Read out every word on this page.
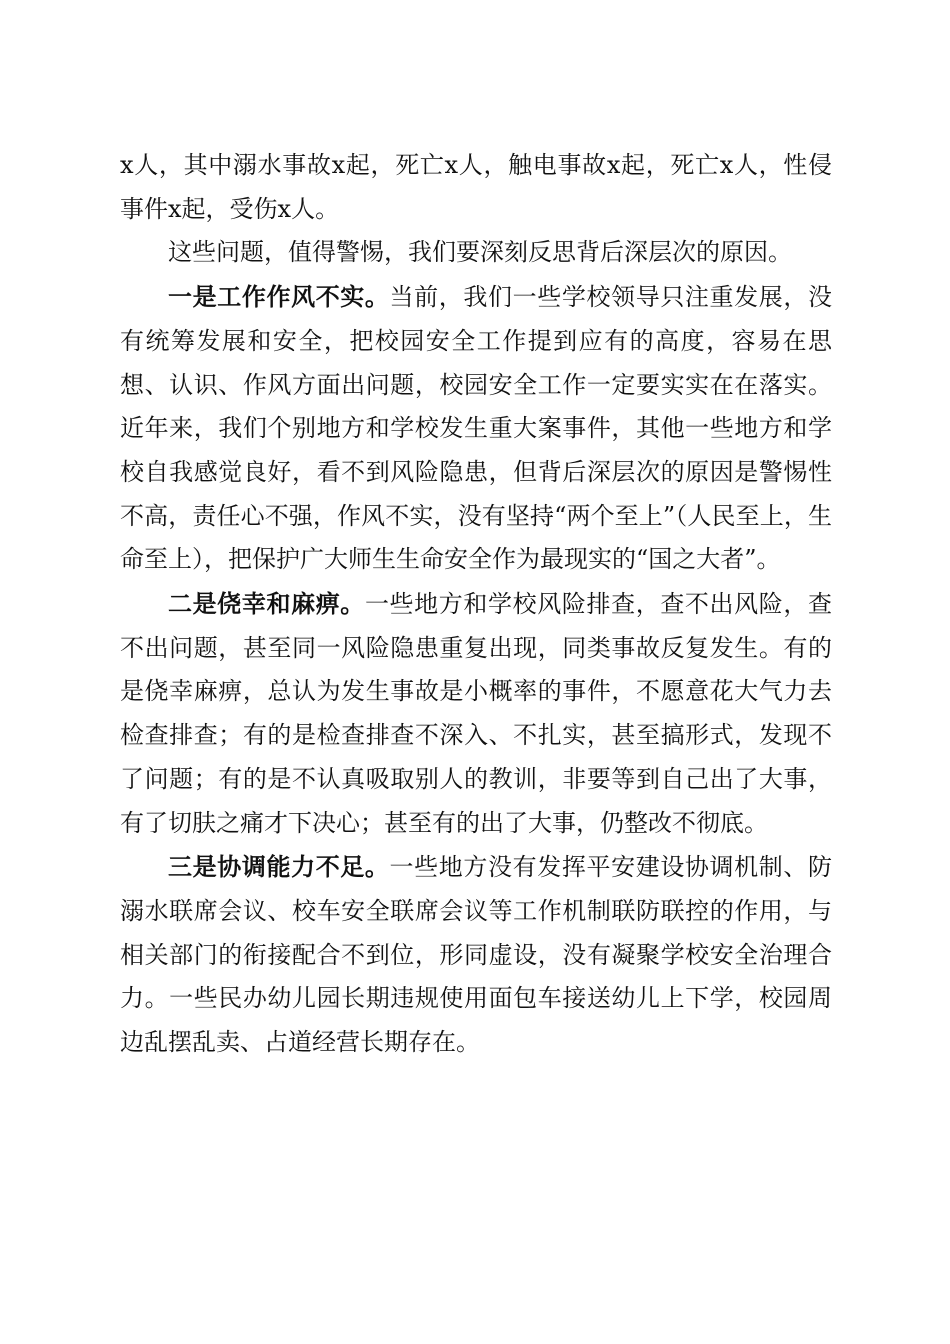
x人，其中溺水事故x起，死亡x人，触电事故x起，死亡x人，性侵事件x起，受伤x人。

这些问题，值得警惕，我们要深刻反思背后深层次的原因。

一是工作作风不实。当前，我们一些学校领导只注重发展，没有统筹发展和安全，把校园安全工作提到应有的高度，容易在思想、认识、作风方面出问题，校园安全工作一定要实实在在落实。近年来，我们个别地方和学校发生重大案事件，其他一些地方和学校自我感觉良好，看不到风险隐患，但背后深层次的原因是警惕性不高，责任心不强，作风不实，没有坚持“两个至上”（人民至上，生命至上），把保护广大师生生命安全作为最现实的“国之大者”。

二是侥幸和麻痹。一些地方和学校风险排查，查不出风险，查不出问题，甚至同一风险隐患重复出现，同类事故反复发生。有的是侥幸麻痹，总认为发生事故是小概率的事件，不愿意花大气力去检查排查；有的是检查排查不深入、不扎实，甚至搞形式，发现不了问题；有的是不认真吸取别人的教训，非要等到自己出了大事，有了切肤之痛才下决心；甚至有的出了大事，仍整改不彻底。

三是协调能力不足。一些地方没有发挥平安建设协调机制、防溺水联席会议、校车安全联席会议等工作机制联防联控的作用，与相关部门的衔接配合不到位，形同虚设，没有凝聚学校安全治理合力。一些民办幼儿园长期违规使用面包车接送幼儿上下学，校园周边乱摆乱卖、占道经营长期存在。
